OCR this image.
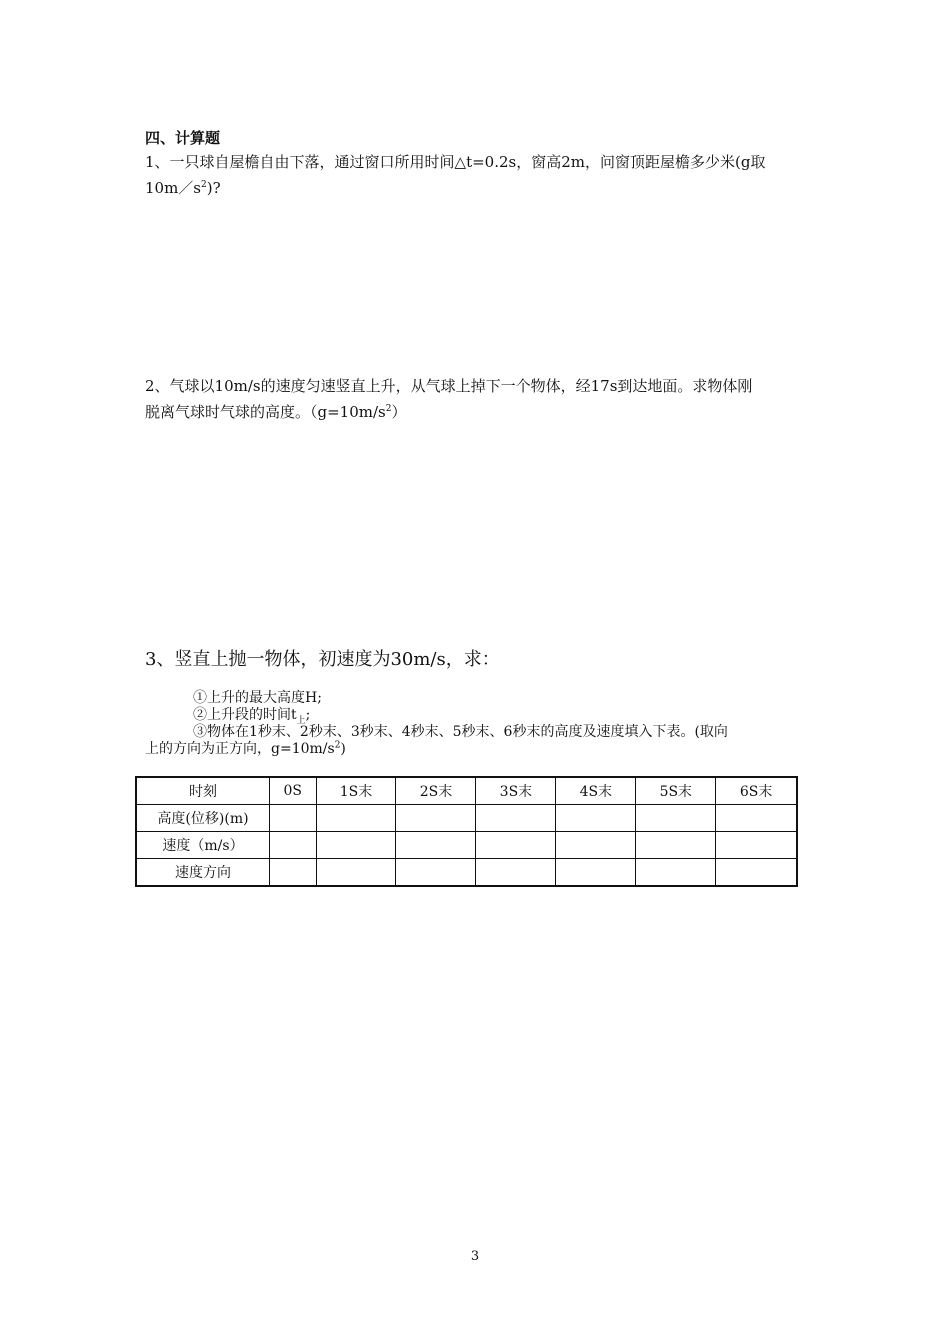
四、计算题
1、一只球自屋檐自由下落，通过窗口所用时间△t=0.2s，窗高2m，问窗顶距屋檐多少米(g取
$10m/s^2$)?
2、气球以10m/s的速度匀速竖直上升，从气球上掉下一个物体，经17s到达地面。求物体刚
脱离气球时气球的高度。$(g=10m/s^2)$
3、竖直上抛一物体，初速度为30m/s，求：
①上升的最大高度H;
②上升段的时间$t_上$;
③物体在1秒末、2秒末、3秒末、4秒末、5秒末、6秒末的高度及速度填入下表。(取向
上的方向为正方向，$g=10m/s^2$)
时刻	0S	1S末	2S末	3S末	4S末	5S末	6S末
高度(位移)(m)							
速度（m/s）							
速度方向							
3
